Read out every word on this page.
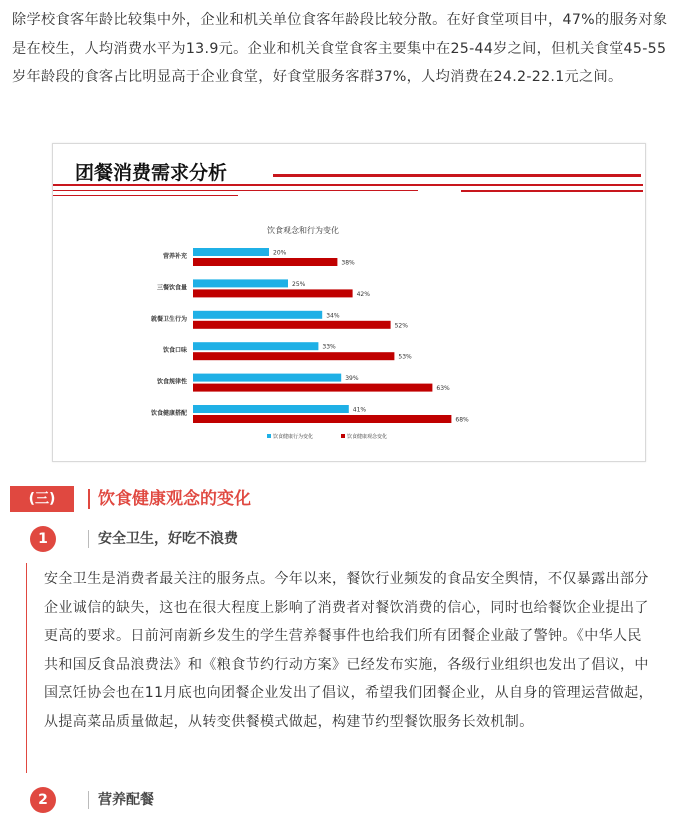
除学校食客年龄比较集中外，企业和机关单位食客年龄段比较分散。在好食堂项目中，47%的服务对象是在校生，人均消费水平为13.9元。企业和机关食堂食客主要集中在25-44岁之间，但机关食堂45-55岁年龄段的食客占比明显高于企业食堂，好食堂服务客群37%，人均消费在24.2-22.1元之间。

团餐消费需求分析
饮食观念和行为变化
营养补充	20%
38%
三餐饮食量	25%
42%
就餐卫生行为	34%
52%
饮食口味	33%
53%
饮食规律性	39%
63%
饮食健康搭配	41%
68%
饮食健康行为变化	饮食健康观念变化
(三)	饮食健康观念的变化
1	安全卫生，好吃不浪费

安全卫生是消费者最关注的服务点。今年以来，餐饮行业频发的食品安全舆情，不仅暴露出部分企业诚信的缺失，这也在很大程度上影响了消费者对餐饮消费的信心，同时也给餐饮企业提出了更高的要求。日前河南新乡发生的学生营养餐事件也给我们所有团餐企业敲了警钟。《中华人民共和国反食品浪费法》和《粮食节约行动方案》已经发布实施，各级行业组织也发出了倡议，中国烹饪协会也在11月底也向团餐企业发出了倡议，希望我们团餐企业，从自身的管理运营做起，从提高菜品质量做起，从转变供餐模式做起，构建节约型餐饮服务长效机制。

2	营养配餐
